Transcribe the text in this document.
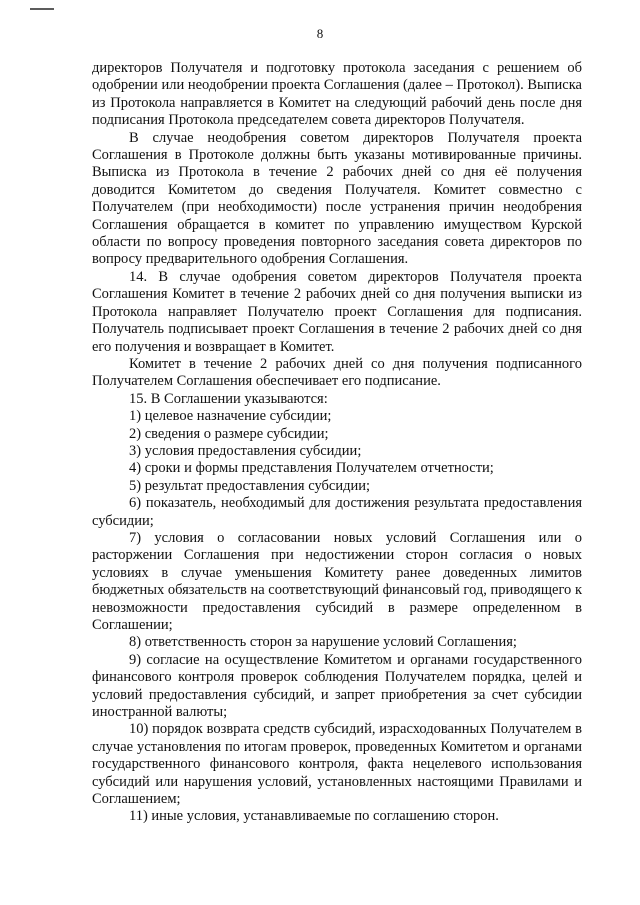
8

директоров Получателя и подготовку протокола заседания с решением об одобрении или неодобрении проекта Соглашения (далее – Протокол). Выписка из Протокола направляется в Комитет на следующий рабочий день после дня подписания Протокола председателем совета директоров Получателя.

В случае неодобрения советом директоров Получателя проекта Соглашения в Протоколе должны быть указаны мотивированные причины. Выписка из Протокола в течение 2 рабочих дней со дня её получения доводится Комитетом до сведения Получателя. Комитет совместно с Получателем (при необходимости) после устранения причин неодобрения Соглашения обращается в комитет по управлению имуществом Курской области по вопросу проведения повторного заседания совета директоров по вопросу предварительного одобрения Соглашения.

14. В случае одобрения советом директоров Получателя проекта Соглашения Комитет в течение 2 рабочих дней со дня получения выписки из Протокола направляет Получателю проект Соглашения для подписания. Получатель подписывает проект Соглашения в течение 2 рабочих дней со дня его получения и возвращает в Комитет.

Комитет в течение 2 рабочих дней со дня получения подписанного Получателем Соглашения обеспечивает его подписание.

15. В Соглашении указываются:

1) целевое назначение субсидии;

2) сведения о размере субсидии;

3) условия предоставления субсидии;

4) сроки и формы представления Получателем отчетности;

5) результат предоставления субсидии;

6) показатель, необходимый для достижения результата предоставления субсидии;

7) условия о согласовании новых условий Соглашения или о расторжении Соглашения при недостижении сторон согласия о новых условиях в случае уменьшения Комитету ранее доведенных лимитов бюджетных обязательств на соответствующий финансовый год, приводящего к невозможности предоставления субсидий в размере определенном в Соглашении;

8) ответственность сторон за нарушение условий Соглашения;

9) согласие на осуществление Комитетом и органами государственного финансового контроля проверок соблюдения Получателем порядка, целей и условий предоставления субсидий, и запрет приобретения за счет субсидии иностранной валюты;

10) порядок возврата средств субсидий, израсходованных Получателем в случае установления по итогам проверок, проведенных Комитетом и органами государственного финансового контроля, факта нецелевого использования субсидий или нарушения условий, установленных настоящими Правилами и Соглашением;

11) иные условия, устанавливаемые по соглашению сторон.
